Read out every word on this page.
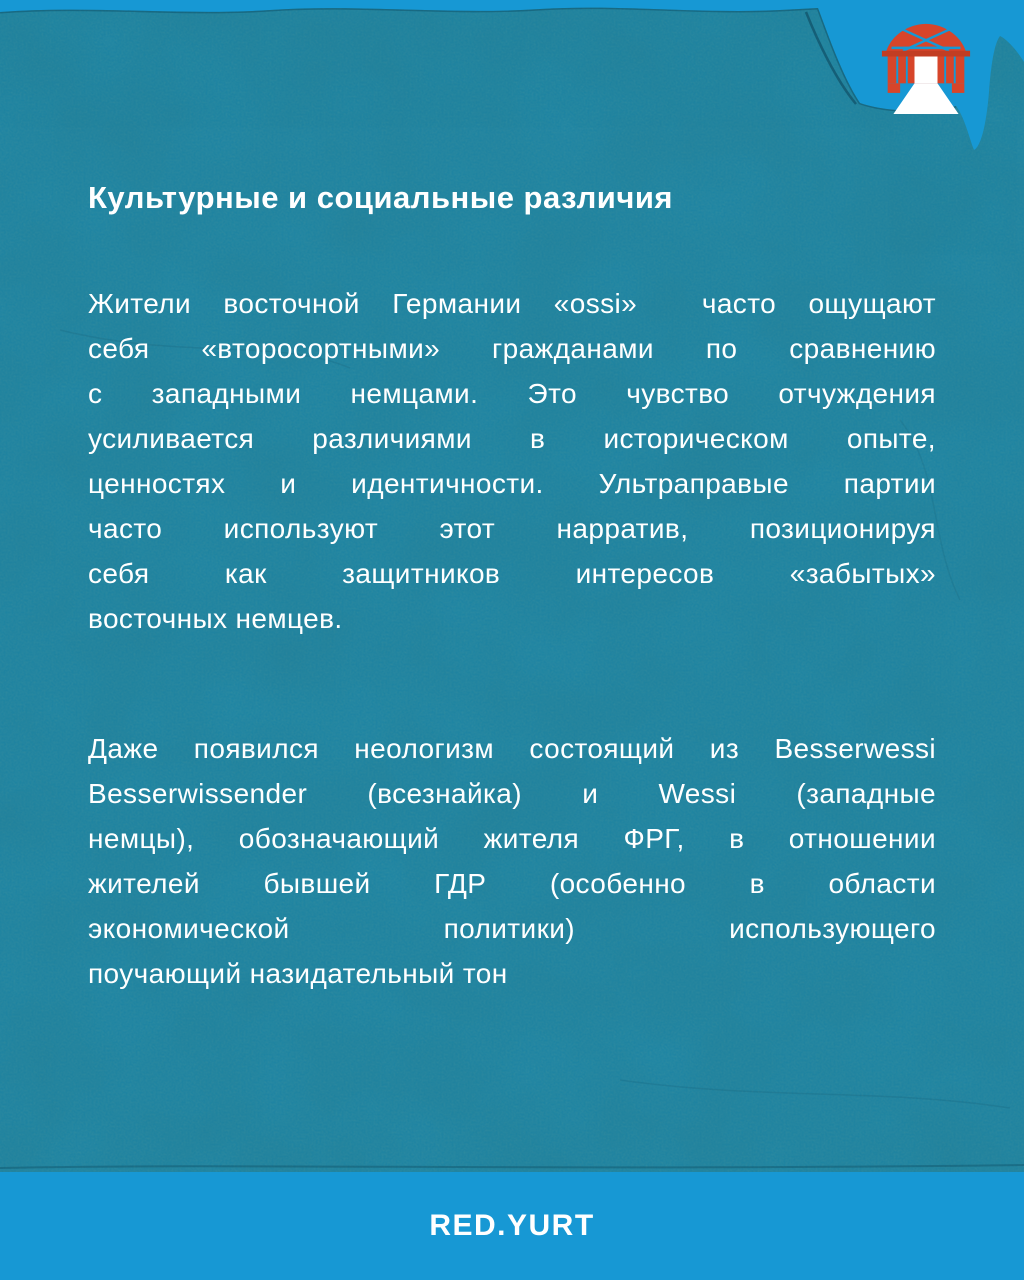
Культурные и социальные различия
Жители восточной Германии «ossi»  часто ощущают
себя «второсортными» гражданами по сравнению
с западными немцами. Это чувство отчуждения
усиливается различиями в историческом опыте,
ценностях и идентичности. Ультраправые партии
часто используют этот нарратив, позиционируя
себя как защитников интересов «забытых»
восточных немцев.
Даже появился неологизм состоящий из Besserwessi
Besserwissender (всезнайка) и Wessi (западные
немцы), обозначающий жителя ФРГ, в отношении
жителей бывшей ГДР (особенно в области
экономической политики) использующего
поучающий назидательный тон
RED.YURT
